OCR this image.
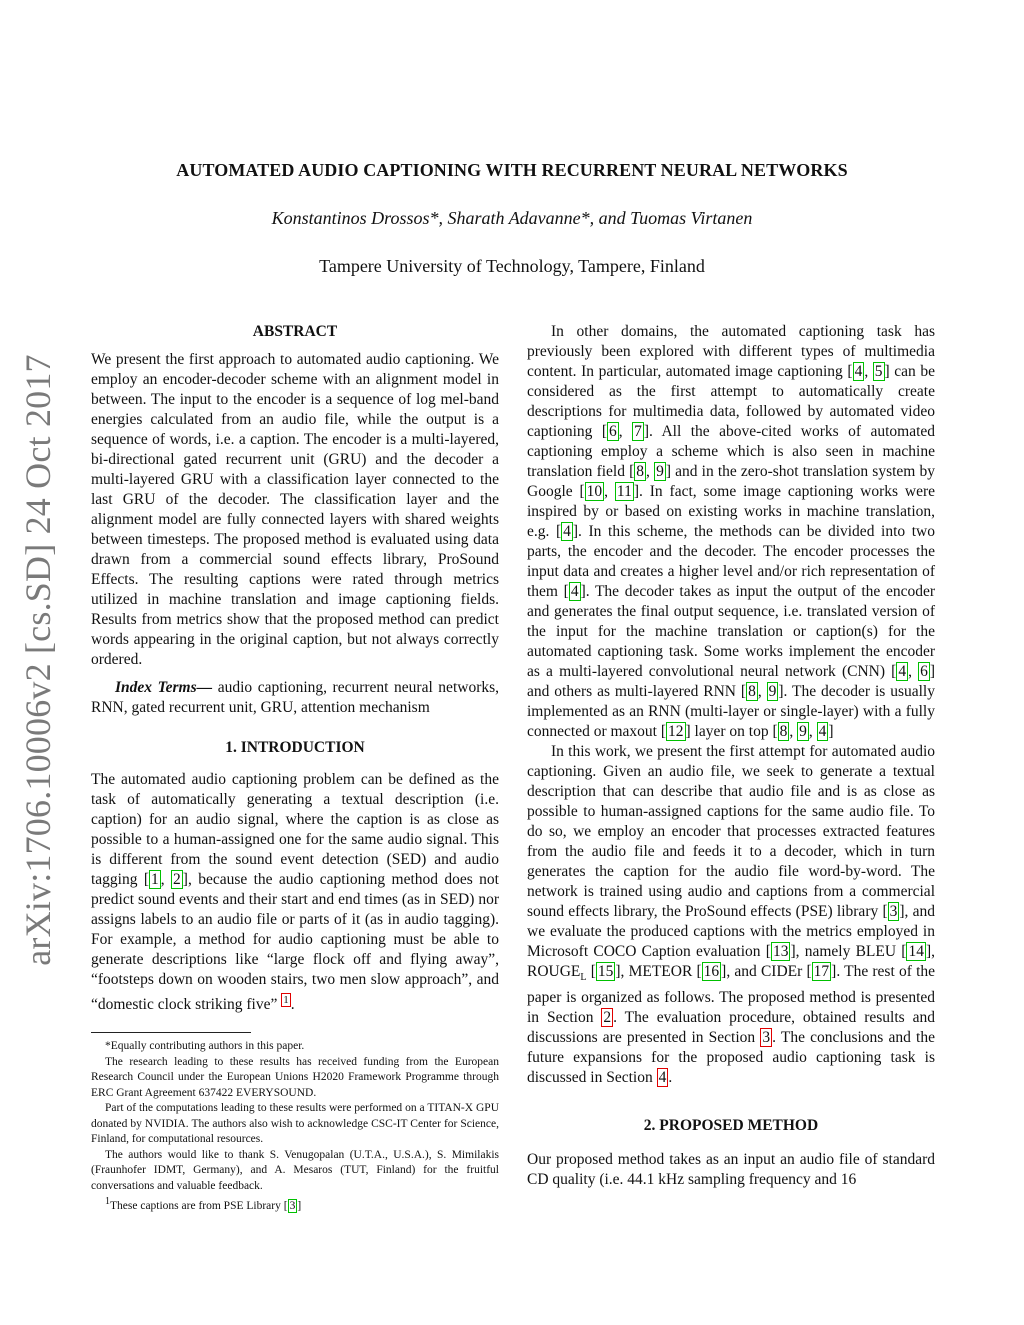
arXiv:1706.10006v2 [cs.SD] 24 Oct 2017
AUTOMATED AUDIO CAPTIONING WITH RECURRENT NEURAL NETWORKS
Konstantinos Drossos*, Sharath Adavanne*, and Tuomas Virtanen
Tampere University of Technology, Tampere, Finland
ABSTRACT

We present the first approach to automated audio captioning. We employ an encoder-decoder scheme with an alignment model in between. The input to the encoder is a sequence of log mel-band energies calculated from an audio file, while the output is a sequence of words, i.e. a caption. The encoder is a multi-layered, bi-directional gated recurrent unit (GRU) and the decoder a multi-layered GRU with a classification layer connected to the last GRU of the decoder. The classification layer and the alignment model are fully connected layers with shared weights between timesteps. The proposed method is evaluated using data drawn from a commercial sound effects library, ProSound Effects. The resulting captions were rated through metrics utilized in machine translation and image captioning fields. Results from metrics show that the proposed method can predict words appearing in the original caption, but not always correctly ordered.

Index Terms— audio captioning, recurrent neural networks, RNN, gated recurrent unit, GRU, attention mechanism

1. INTRODUCTION

The automated audio captioning problem can be defined as the task of automatically generating a textual description (i.e. caption) for an audio signal, where the caption is as close as possible to a human-assigned one for the same audio signal. This is different from the sound event detection (SED) and audio tagging [ 1 , 2 ], because the audio captioning method does not predict sound events and their start and end times (as in SED) nor assigns labels to an audio file or parts of it (as in audio tagging). For example, a method for audio captioning must be able to generate descriptions like “large flock off and flying away”, “footsteps down on wooden stairs, two men slow approach”, and “domestic clock striking five” $^1$ .

*Equally contributing authors in this paper.

The research leading to these results has received funding from the European Research Council under the European Unions H2020 Framework Programme through ERC Grant Agreement 637422 EVERYSOUND.

Part of the computations leading to these results were performed on a TITAN-X GPU donated by NVIDIA. The authors also wish to acknowledge CSC-IT Center for Science, Finland, for computational resources.

The authors would like to thank S. Venugopalan (U.T.A., U.S.A.), S. Mimilakis (Fraunhofer IDMT, Germany), and A. Mesaros (TUT, Finland) for the fruitful conversations and valuable feedback.

$^1$These captions are from PSE Library [ 3 ]

In other domains, the automated captioning task has previously been explored with different types of multimedia content. In particular, automated image captioning [ 4 , 5 ] can be considered as the first attempt to automatically create descriptions for multimedia data, followed by automated video captioning [ 6 , 7 ]. All the above-cited works of automated captioning employ a scheme which is also seen in machine translation field [ 8 , 9 ] and in the zero-shot translation system by Google [ 10 , 11 ]. In fact, some image captioning works were inspired by or based on existing works in machine translation, e.g. [ 4 ]. In this scheme, the methods can be divided into two parts, the encoder and the decoder. The encoder processes the input data and creates a higher level and/or rich representation of them [ 4 ]. The decoder takes as input the output of the encoder and generates the final output sequence, i.e. translated version of the input for the machine translation or caption(s) for the automated captioning task. Some works implement the encoder as a multi-layered convolutional neural network (CNN) [ 4 , 6 ] and others as multi-layered RNN [ 8 , 9 ]. The decoder is usually implemented as an RNN (multi-layer or single-layer) with a fully connected or maxout [ 12 ] layer on top [ 8 , 9 , 4 ]

In this work, we present the first attempt for automated audio captioning. Given an audio file, we seek to generate a textual description that can describe that audio file and is as close as possible to human-assigned captions for the same audio file. To do so, we employ an encoder that processes extracted features from the audio file and feeds it to a decoder, which in turn generates the caption for the audio file word-by-word. The network is trained using audio and captions from a commercial sound effects library, the ProSound effects (PSE) library [ 3 ], and we evaluate the produced captions with the metrics employed in Microsoft COCO Caption evaluation [ 13 ], namely BLEU [ 14 ], $ROUGE_L$ [ 15 ], METEOR [ 16 ], and CIDEr [ 17 ]. The rest of the paper is organized as follows. The proposed method is presented in Section 2 . The evaluation procedure, obtained results and discussions are presented in Section 3 . The conclusions and the future expansions for the proposed audio captioning task is discussed in Section 4 .

2. PROPOSED METHOD

Our proposed method takes as an input an audio file of standard CD quality (i.e. 44.1 kHz sampling frequency and 16
